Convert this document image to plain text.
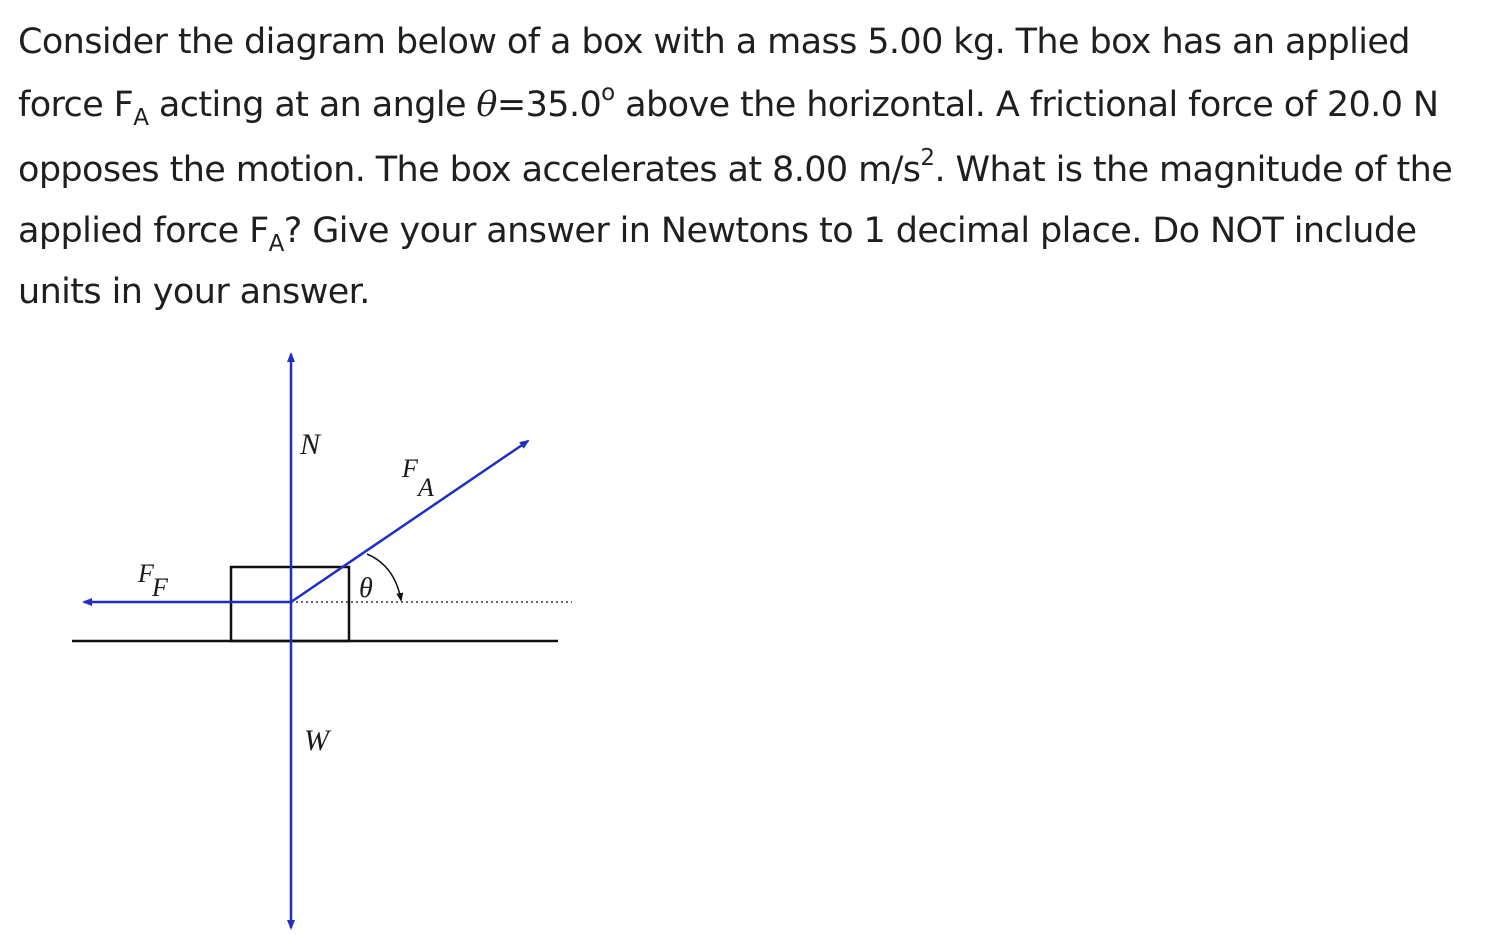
Consider the diagram below of a box with a mass 5.00 kg. The box has an applied
force $F_A$ acting at an angle $\theta=35.0^o$ above the horizontal. A frictional force of 20.0 N
opposes the motion. The box accelerates at 8.00 $m/s^2$. What is the magnitude of the
applied force $F_A$? Give your answer in Newtons to 1 decimal place. Do NOT include
units in your answer.
N
W
F
F
F
A
θ
